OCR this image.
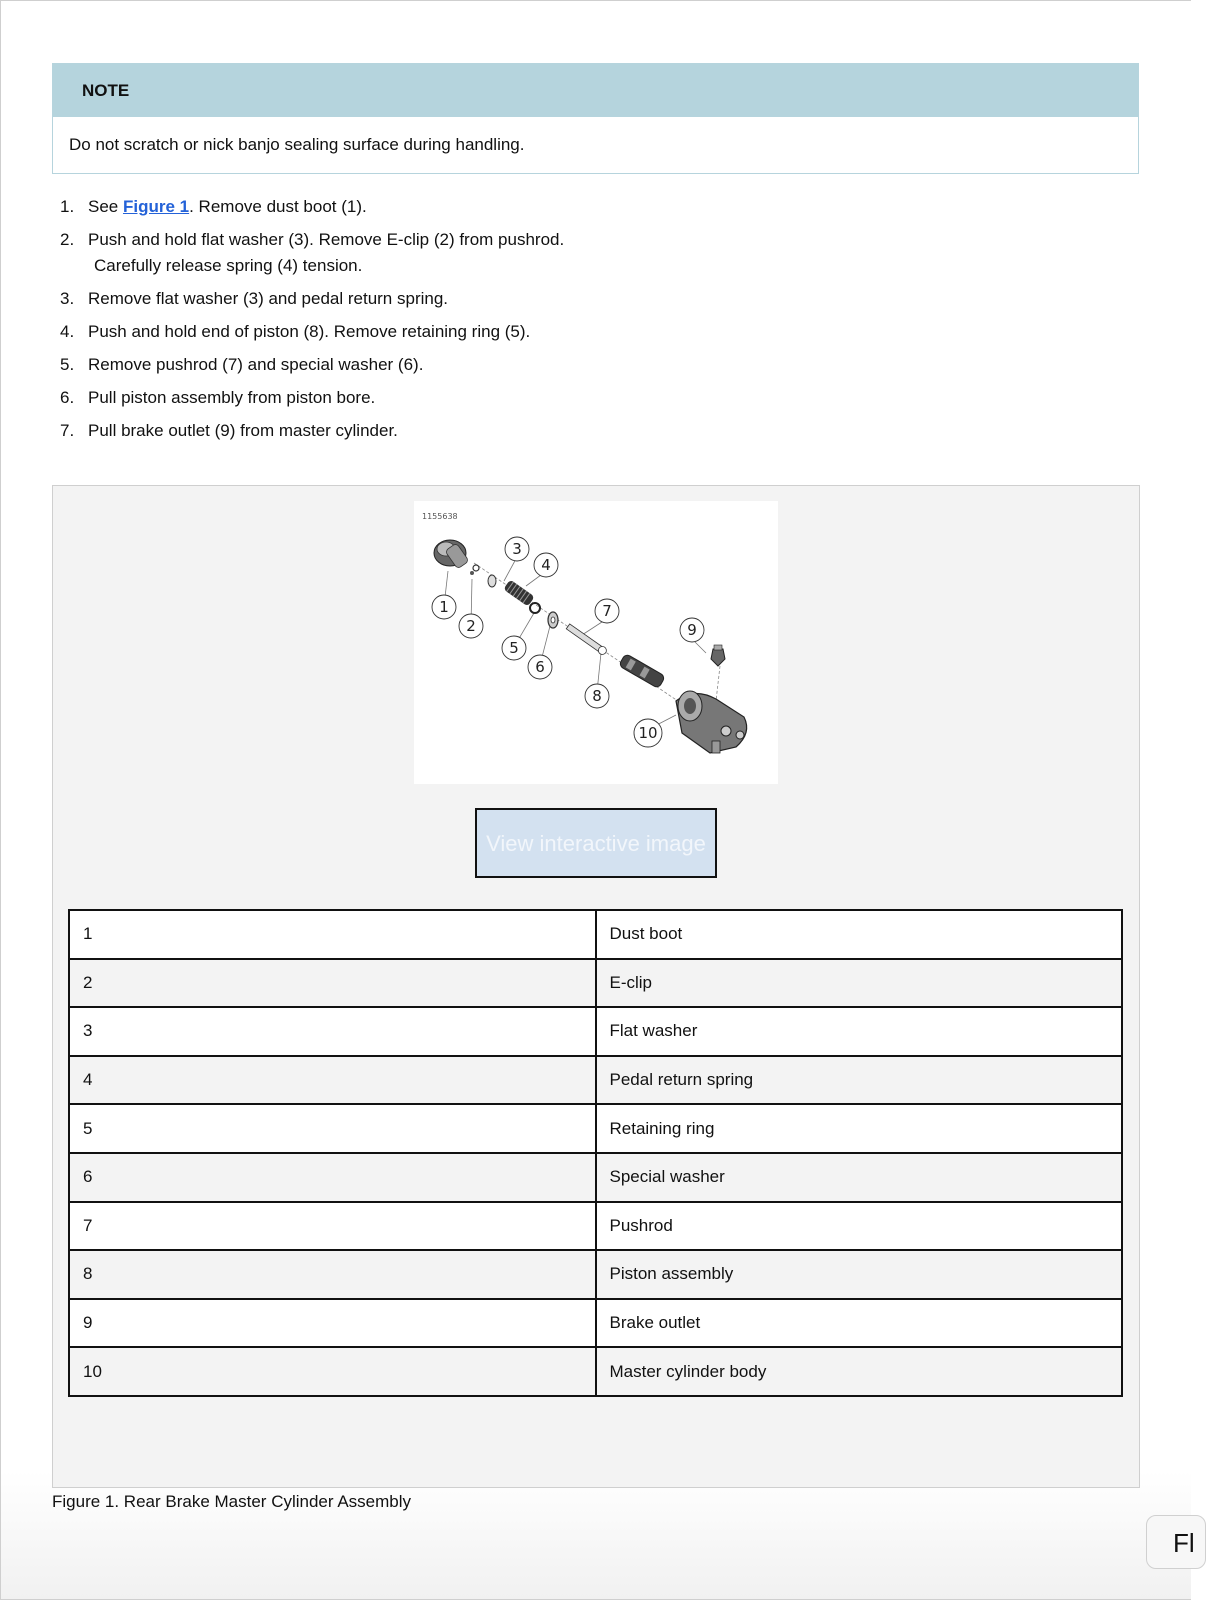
NOTE
Do not scratch or nick banjo sealing surface during handling.
1. See Figure 1. Remove dust boot (1).
2. Push and hold flat washer (3). Remove E-clip (2) from pushrod.
Carefully release spring (4) tension.
3. Remove flat washer (3) and pedal return spring.
4. Push and hold end of piston (8). Remove retaining ring (5).
5. Remove pushrod (7) and special washer (6).
6. Pull piston assembly from piston bore.
7. Pull brake outlet (9) from master cylinder.
1155638
1
2
3
4
5
6
7
8
9
10
View interactive image
1	Dust boot
2	E-clip
3	Flat washer
4	Pedal return spring
5	Retaining ring
6	Special washer
7	Pushrod
8	Piston assembly
9	Brake outlet
10	Master cylinder body
Figure 1. Rear Brake Master Cylinder Assembly
Fl
